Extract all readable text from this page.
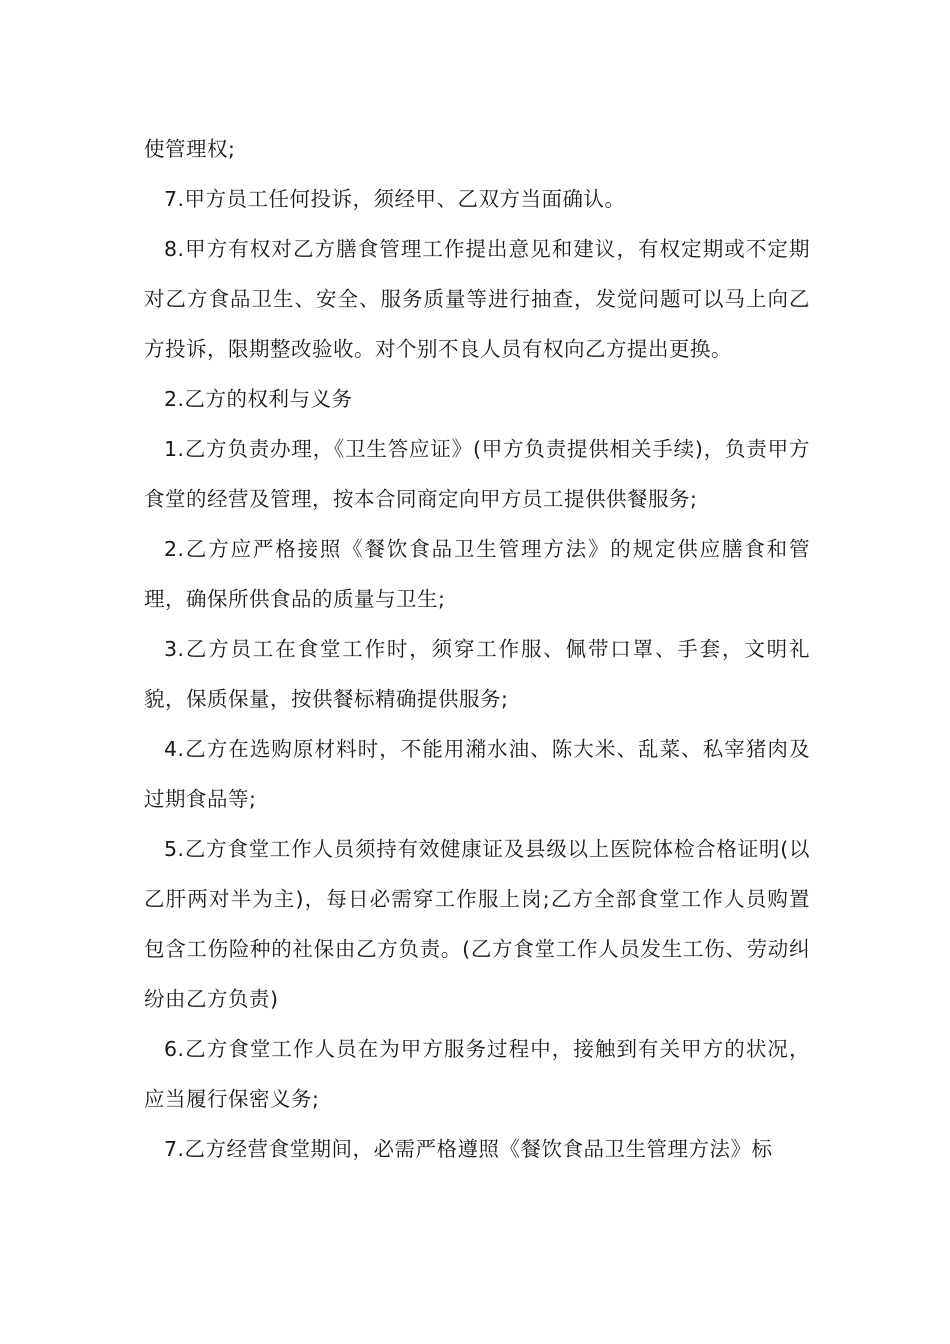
使管理权;

7.甲方员工任何投诉，须经甲、乙双方当面确认。

8.甲方有权对乙方膳食管理工作提出意见和建议，有权定期或不定期对乙方食品卫生、安全、服务质量等进行抽查，发觉问题可以马上向乙方投诉，限期整改验收。对个别不良人员有权向乙方提出更换。

2.乙方的权利与义务

1.乙方负责办理，《卫生答应证》(甲方负责提供相关手续)，负责甲方食堂的经营及管理，按本合同商定向甲方员工提供供餐服务;

2.乙方应严格接照《餐饮食品卫生管理方法》的规定供应膳食和管理，确保所供食品的质量与卫生;

3.乙方员工在食堂工作时，须穿工作服、佩带口罩、手套，文明礼貌，保质保量，按供餐标精确提供服务;

4.乙方在选购原材料时，不能用潲水油、陈大米、乱菜、私宰猪肉及过期食品等;

5.乙方食堂工作人员须持有效健康证及县级以上医院体检合格证明(以乙肝两对半为主)，每日必需穿工作服上岗;乙方全部食堂工作人员购置包含工伤险种的社保由乙方负责。(乙方食堂工作人员发生工伤、劳动纠纷由乙方负责)

6.乙方食堂工作人员在为甲方服务过程中，接触到有关甲方的状况，应当履行保密义务;

7.乙方经营食堂期间，必需严格遵照《餐饮食品卫生管理方法》标
